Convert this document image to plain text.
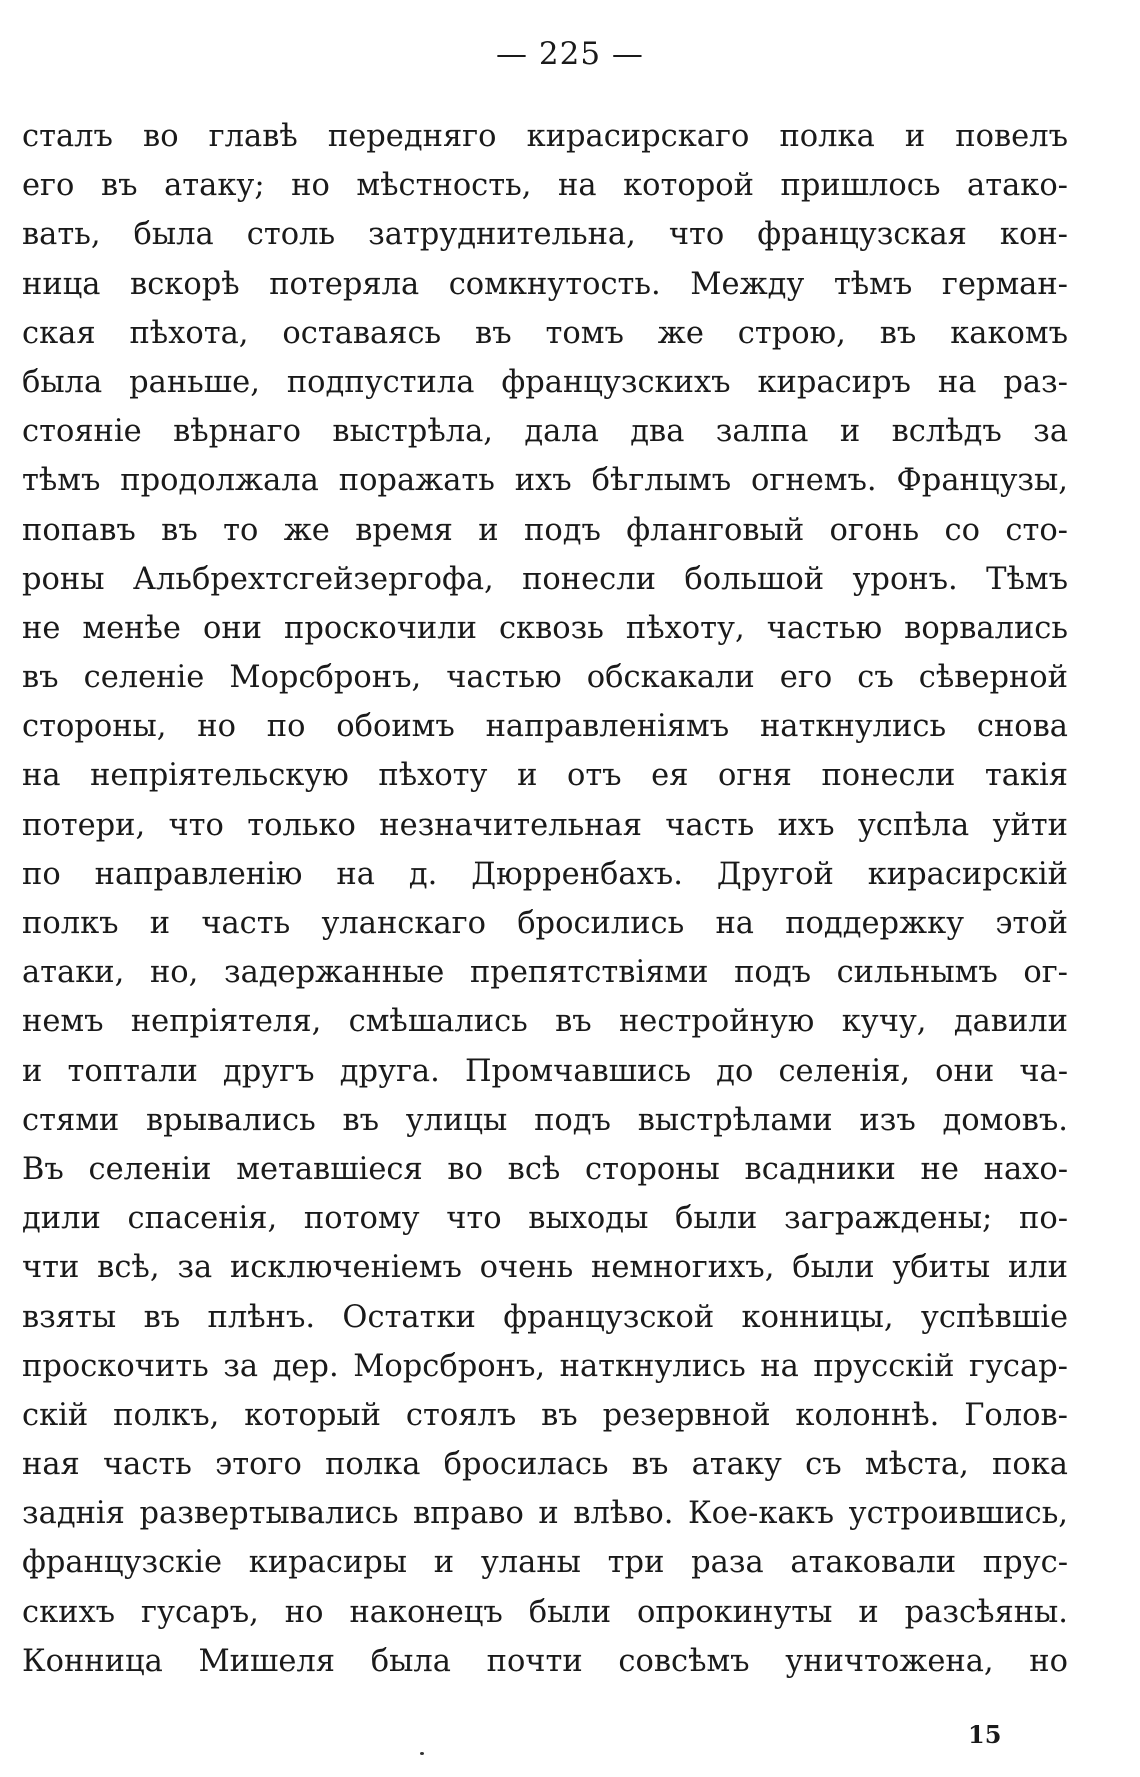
— 225 —
сталъ во главѣ передняго кирасирскаго полка и повелъ
его въ атаку; но мѣстность, на которой пришлось атако-
вать, была столь затруднительна, что французская кон-
ница вскорѣ потеряла сомкнутость. Между тѣмъ герман-
ская пѣхота, оставаясь въ томъ же строю, въ какомъ
была раньше, подпустила французскихъ кирасиръ на раз-
стояніе вѣрнаго выстрѣла, дала два залпа и вслѣдъ за
тѣмъ продолжала поражать ихъ бѣглымъ огнемъ. Французы,
попавъ въ то же время и подъ фланговый огонь со сто-
роны Альбрехтсгейзергофа, понесли большой уронъ. Тѣмъ
не менѣе они проскочили сквозь пѣхоту, частью ворвались
въ селеніе Морсбронъ, частью обскакали его съ сѣверной
стороны, но по обоимъ направленіямъ наткнулись снова
на непріятельскую пѣхоту и отъ ея огня понесли такія
потери, что только незначительная часть ихъ успѣла уйти
по направленію на д. Дюрренбахъ. Другой кирасирскій
полкъ и часть уланскаго бросились на поддержку этой
атаки, но, задержанные препятствіями подъ сильнымъ ог-
немъ непріятеля, смѣшались въ нестройную кучу, давили
и топтали другъ друга. Промчавшись до селенія, они ча-
стями врывались въ улицы подъ выстрѣлами изъ домовъ.
Въ селеніи метавшіеся во всѣ стороны всадники не нахо-
дили спасенія, потому что выходы были заграждены; по-
чти всѣ, за исключеніемъ очень немногихъ, были убиты или
взяты въ плѣнъ. Остатки французской конницы, успѣвшіе
проскочить за дер. Морсбронъ, наткнулись на прусскій гусар-
скій полкъ, который стоялъ въ резервной колоннѣ. Голов-
ная часть этого полка бросилась въ атаку съ мѣста, пока
заднія развертывались вправо и влѣво. Кое-какъ устроившись,
французскіе кирасиры и уланы три раза атаковали прус-
скихъ гусаръ, но наконецъ были опрокинуты и разсѣяны.
Конница Мишеля была почти совсѣмъ уничтожена, но
15
